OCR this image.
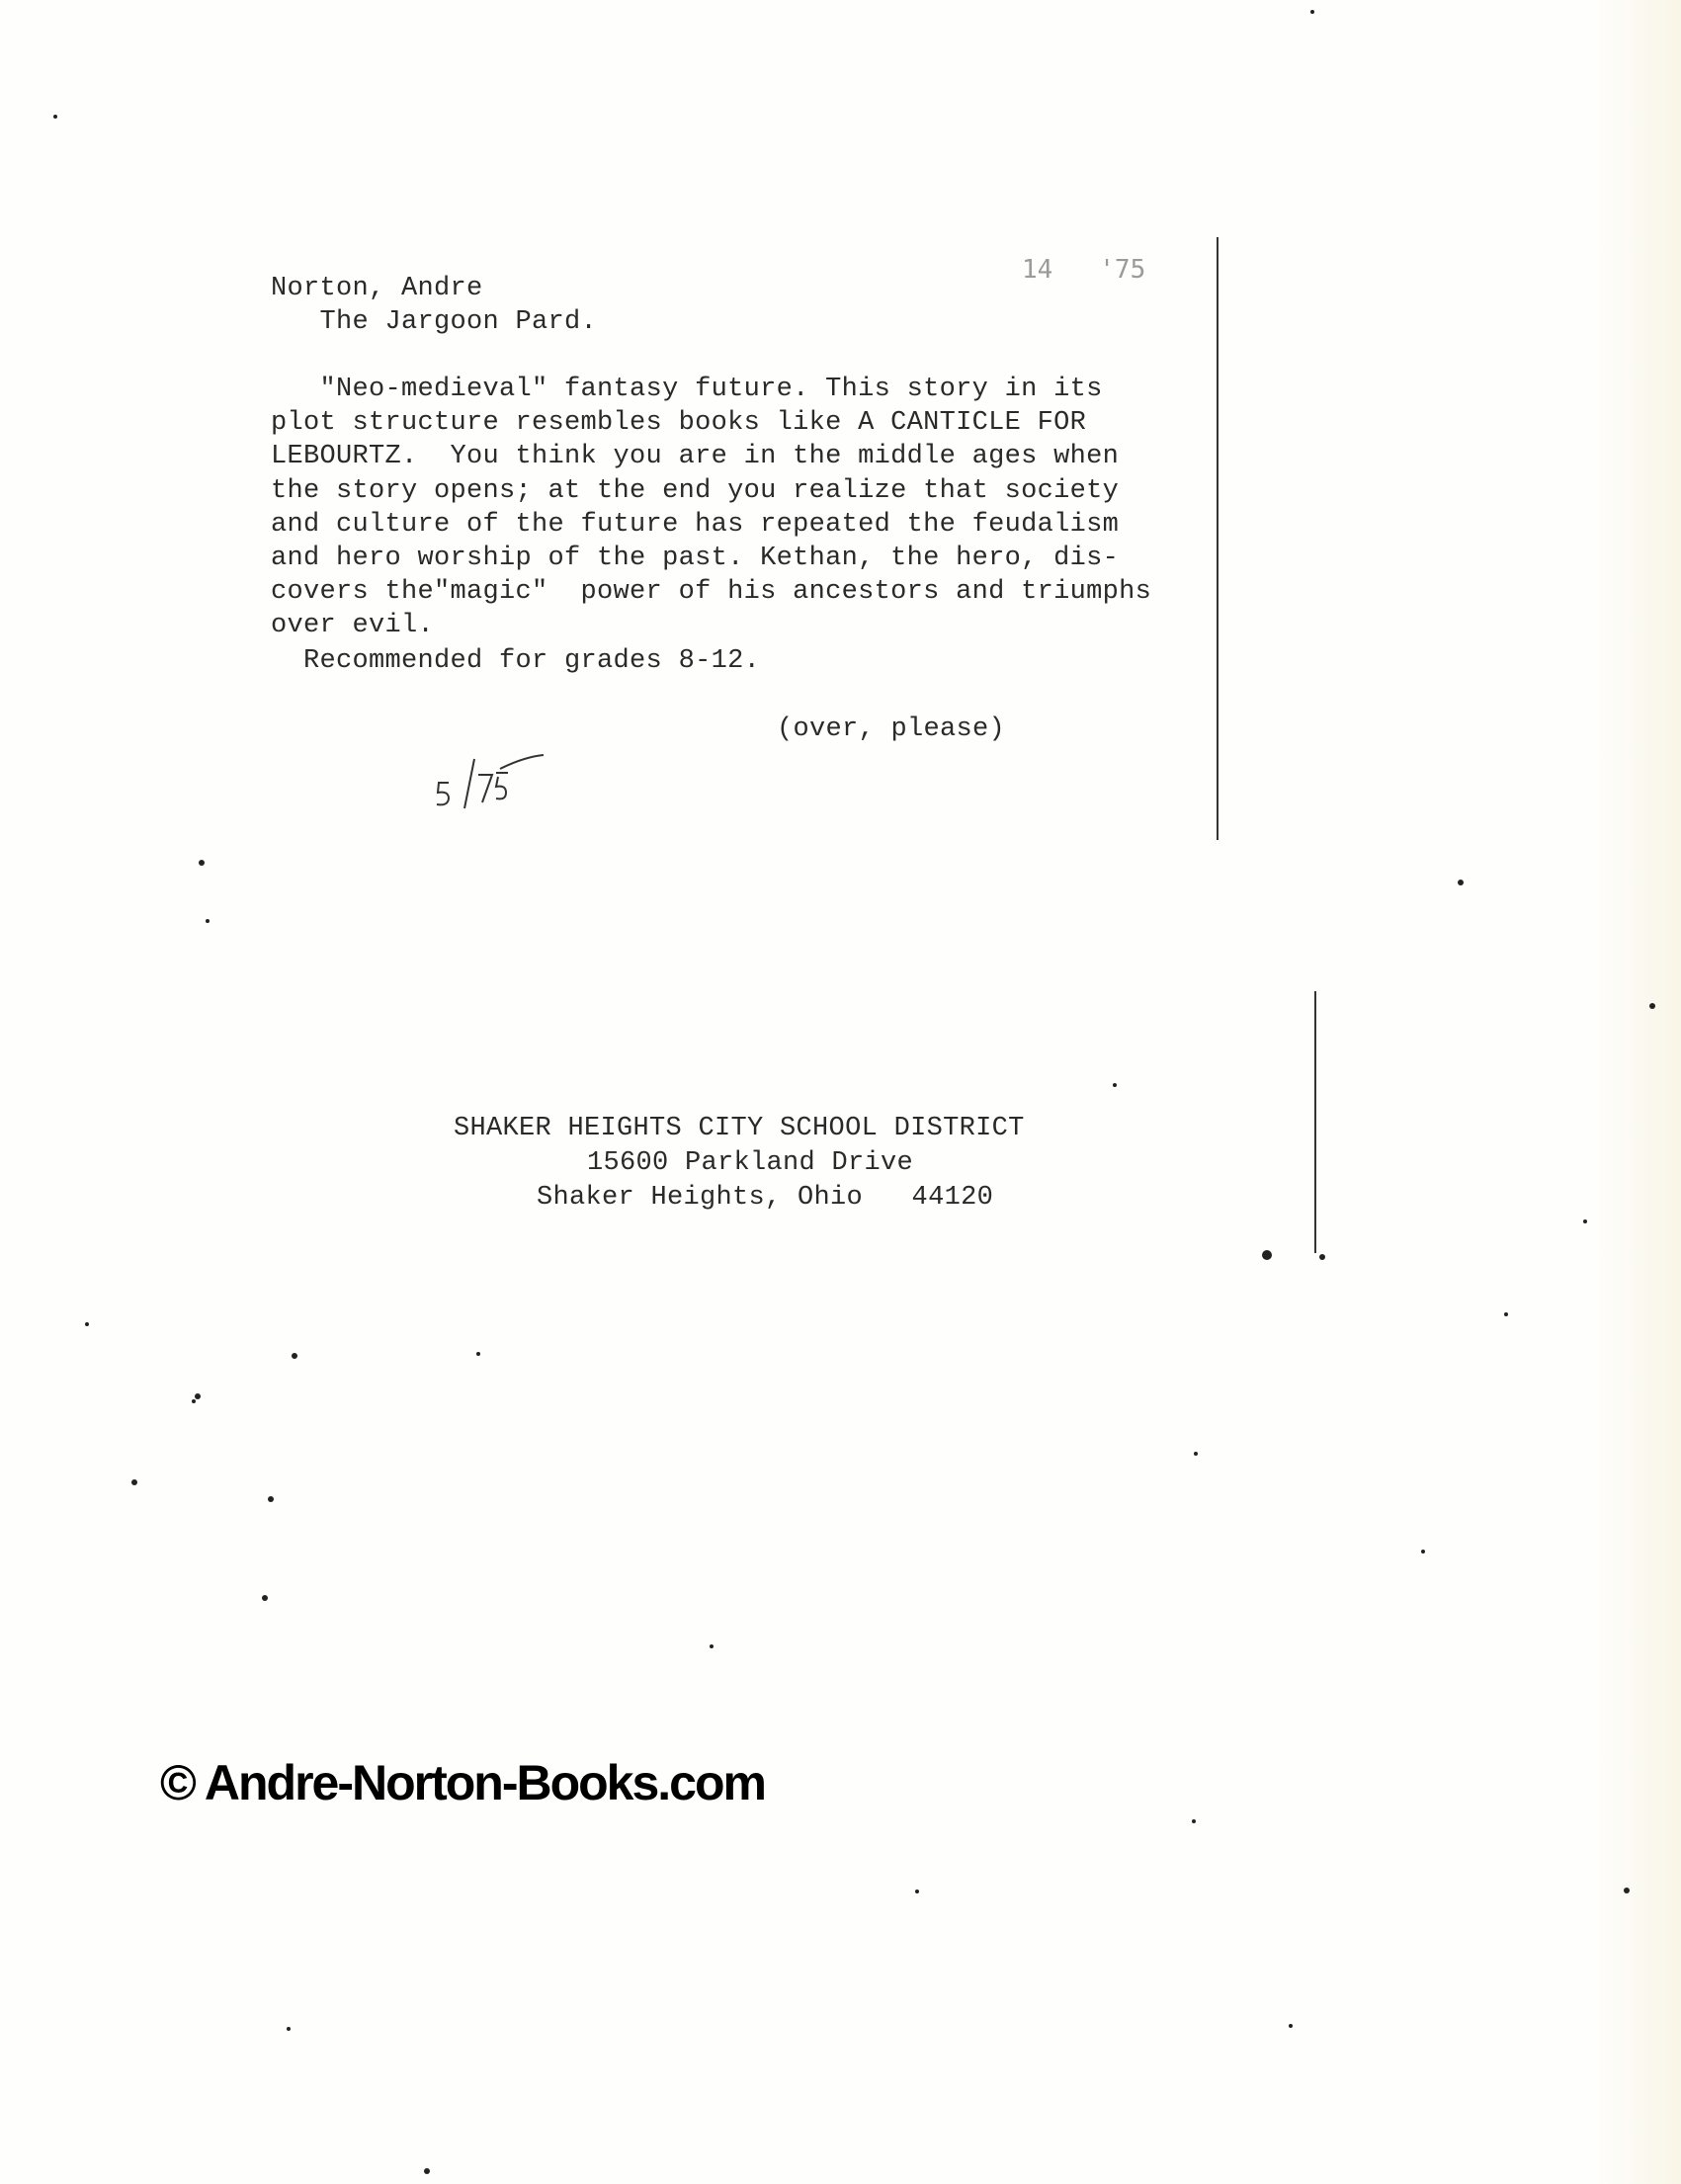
14   '75
Norton, Andre
The Jargoon Pard.
"Neo-medieval" fantasy future. This story in its
plot structure resembles books like A CANTICLE FOR
LEBOURTZ.  You think you are in the middle ages when
the story opens; at the end you realize that society
and culture of the future has repeated the feudalism
and hero worship of the past. Kethan, the hero, dis-
covers the"magic"  power of his ancestors and triumphs
over evil.
Recommended for grades 8-12.
(over, please)
SHAKER HEIGHTS CITY SCHOOL DISTRICT
15600 Parkland Drive
Shaker Heights, Ohio   44120
© Andre-Norton-Books.com
